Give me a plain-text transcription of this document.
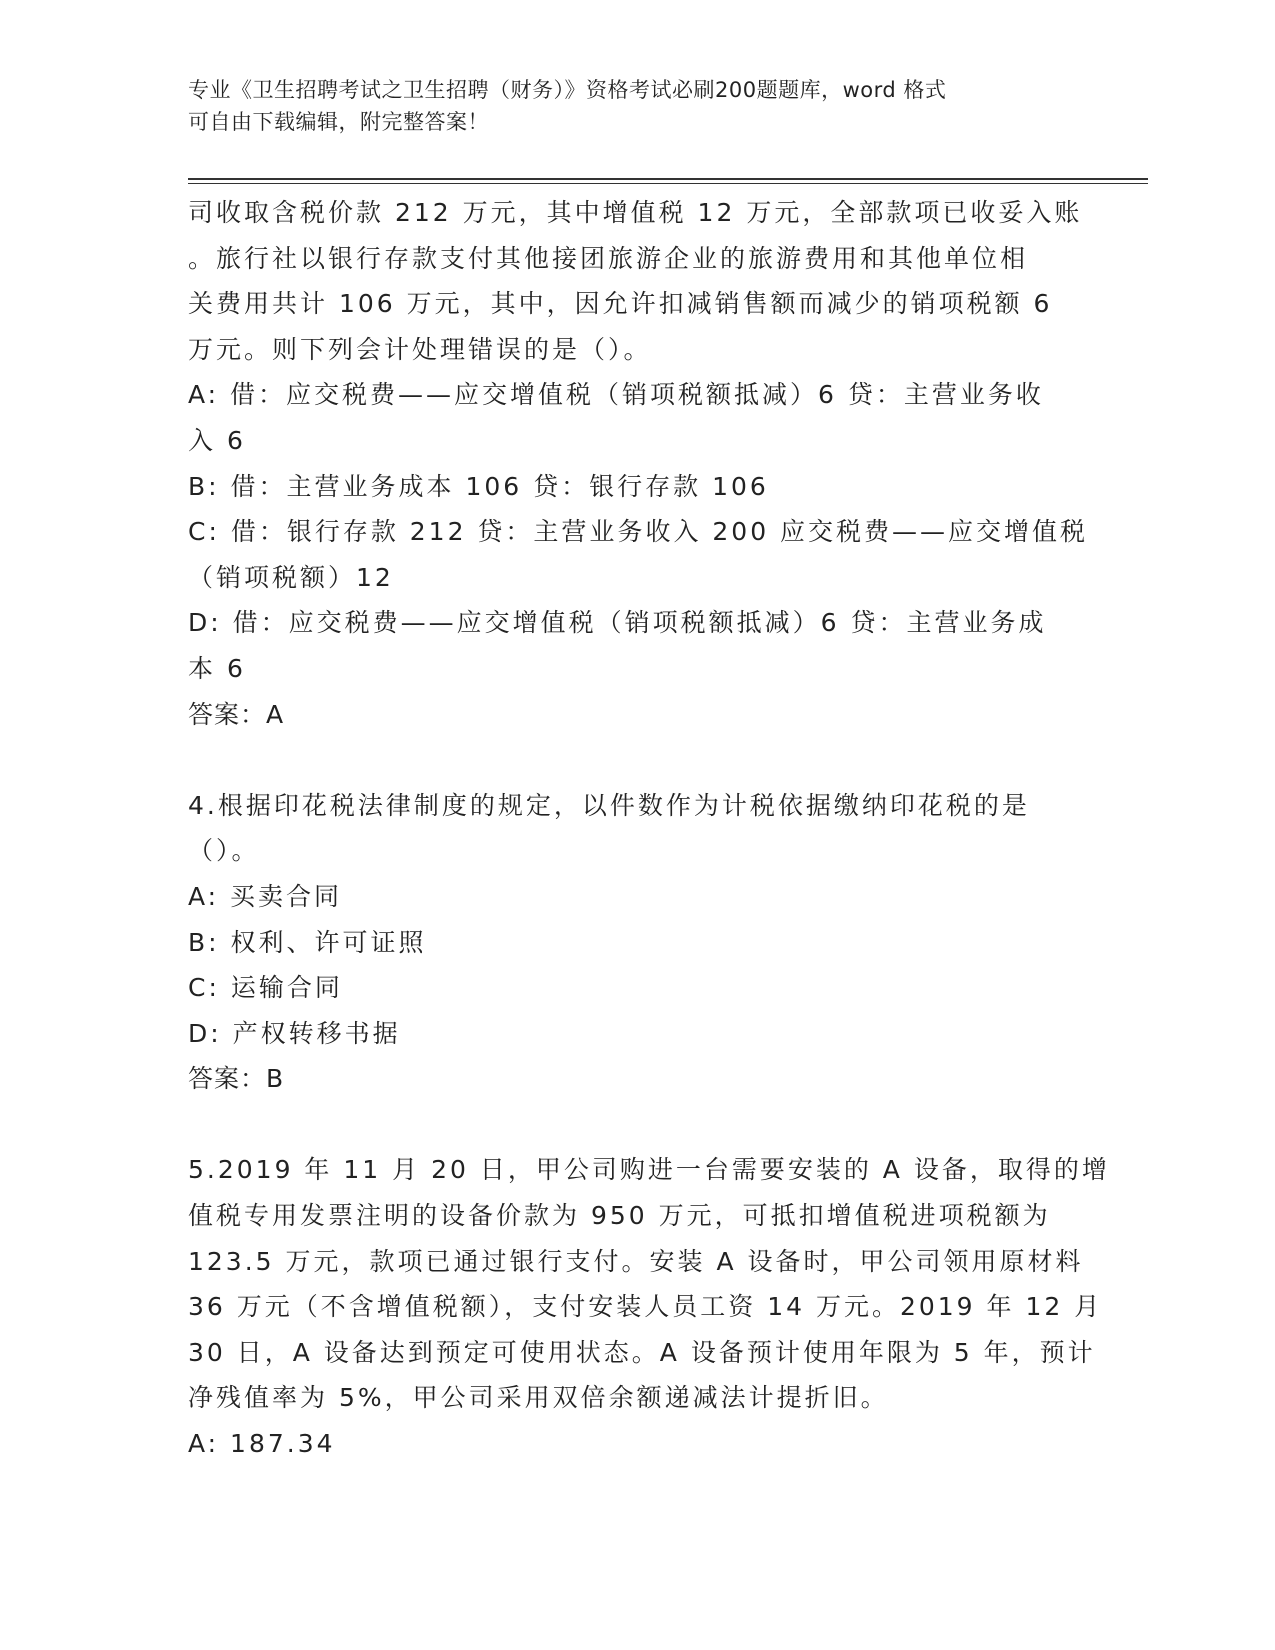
专业《卫生招聘考试之卫生招聘（财务）》资格考试必刷200题题库，word 格式
可自由下载编辑，附完整答案！
司收取含税价款 212 万元，其中增值税 12 万元，全部款项已收妥入账
。旅行社以银行存款支付其他接团旅游企业的旅游费用和其他单位相
关费用共计 106 万元，其中，因允许扣减销售额而减少的销项税额 6
万元。则下列会计处理错误的是（）。
A: 借：应交税费——应交增值税（销项税额抵减）6 贷：主营业务收
入 6
B: 借：主营业务成本 106 贷：银行存款 106
C: 借：银行存款 212 贷：主营业务收入 200 应交税费——应交增值税
（销项税额）12
D: 借：应交税费——应交增值税（销项税额抵减）6 贷：主营业务成
本 6
答案：A
4.根据印花税法律制度的规定，以件数作为计税依据缴纳印花税的是
（）。
A: 买卖合同
B: 权利、许可证照
C: 运输合同
D: 产权转移书据
答案：B
5.2019 年 11 月 20 日，甲公司购进一台需要安装的 A 设备，取得的增
值税专用发票注明的设备价款为 950 万元，可抵扣增值税进项税额为
123.5 万元，款项已通过银行支付。安装 A 设备时，甲公司领用原材料
36 万元（不含增值税额），支付安装人员工资 14 万元。2019 年 12 月
30 日，A 设备达到预定可使用状态。A 设备预计使用年限为 5 年，预计
净残值率为 5%，甲公司采用双倍余额递减法计提折旧。
A: 187.34
